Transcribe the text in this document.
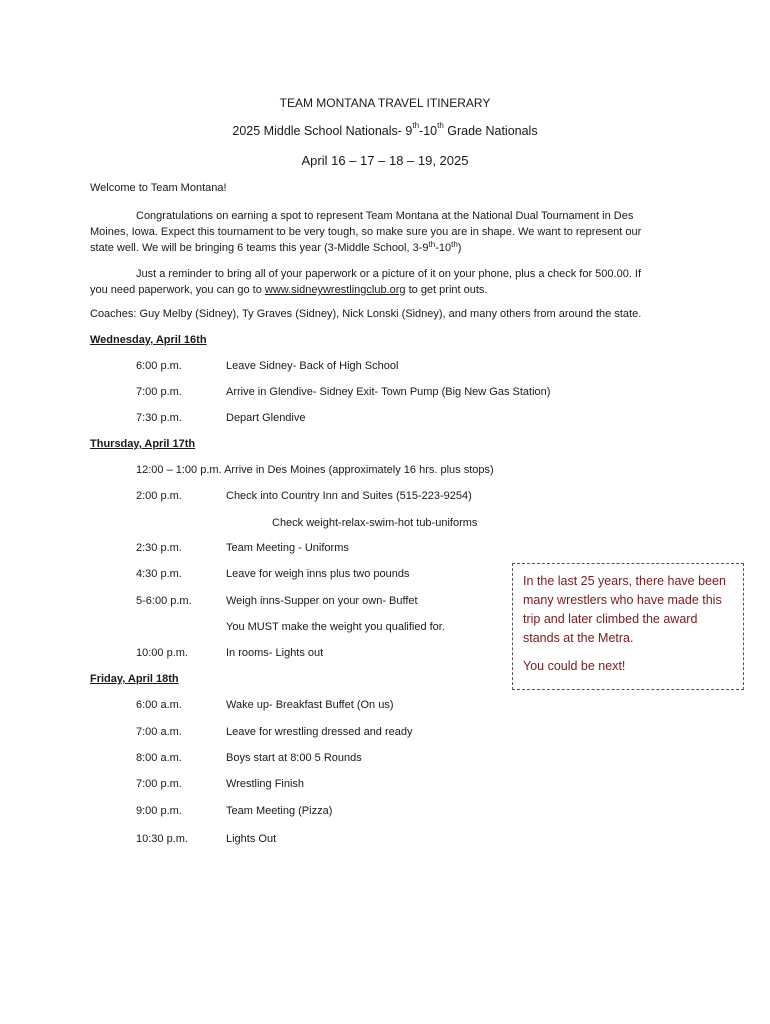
TEAM MONTANA TRAVEL ITINERARY
2025 Middle School Nationals- 9th-10th Grade Nationals
April 16 – 17 – 18 – 19, 2025
Welcome to Team Montana!
Congratulations on earning a spot to represent Team Montana at the National Dual Tournament in Des
Moines, Iowa. Expect this tournament to be very tough, so make sure you are in shape. We want to represent our
state well. We will be bringing 6 teams this year (3-Middle School, 3-9th-10th)
Just a reminder to bring all of your paperwork or a picture of it on your phone, plus a check for 500.00. If
you need paperwork, you can go to www.sidneywrestlingclub.org to get print outs.
Coaches: Guy Melby (Sidney), Ty Graves (Sidney), Nick Lonski (Sidney), and many others from around the state.
Wednesday, April 16th
6:00 p.m.	Leave Sidney- Back of High School
7:00 p.m.	Arrive in Glendive- Sidney Exit- Town Pump (Big New Gas Station)
7:30 p.m.	Depart Glendive
Thursday, April 17th
12:00 – 1:00 p.m. Arrive in Des Moines (approximately 16 hrs. plus stops)
2:00 p.m.	Check into Country Inn and Suites (515-223-9254)
Check weight-relax-swim-hot tub-uniforms
2:30 p.m.	Team Meeting - Uniforms
4:30 p.m.	Leave for weigh inns plus two pounds
5-6:00 p.m.	Weigh inns-Supper on your own- Buffet
You MUST make the weight you qualified for.
10:00 p.m.	In rooms- Lights out
Friday, April 18th
6:00 a.m.	Wake up- Breakfast Buffet (On us)
7:00 a.m.	Leave for wrestling dressed and ready
8:00 a.m.	Boys start at 8:00 5 Rounds
7:00 p.m.	Wrestling Finish
9:00 p.m.	Team Meeting (Pizza)
10:30 p.m.	Lights Out

In the last 25 years, there have been many wrestlers who have made this trip and later climbed the award stands at the Metra.

You could be next!
